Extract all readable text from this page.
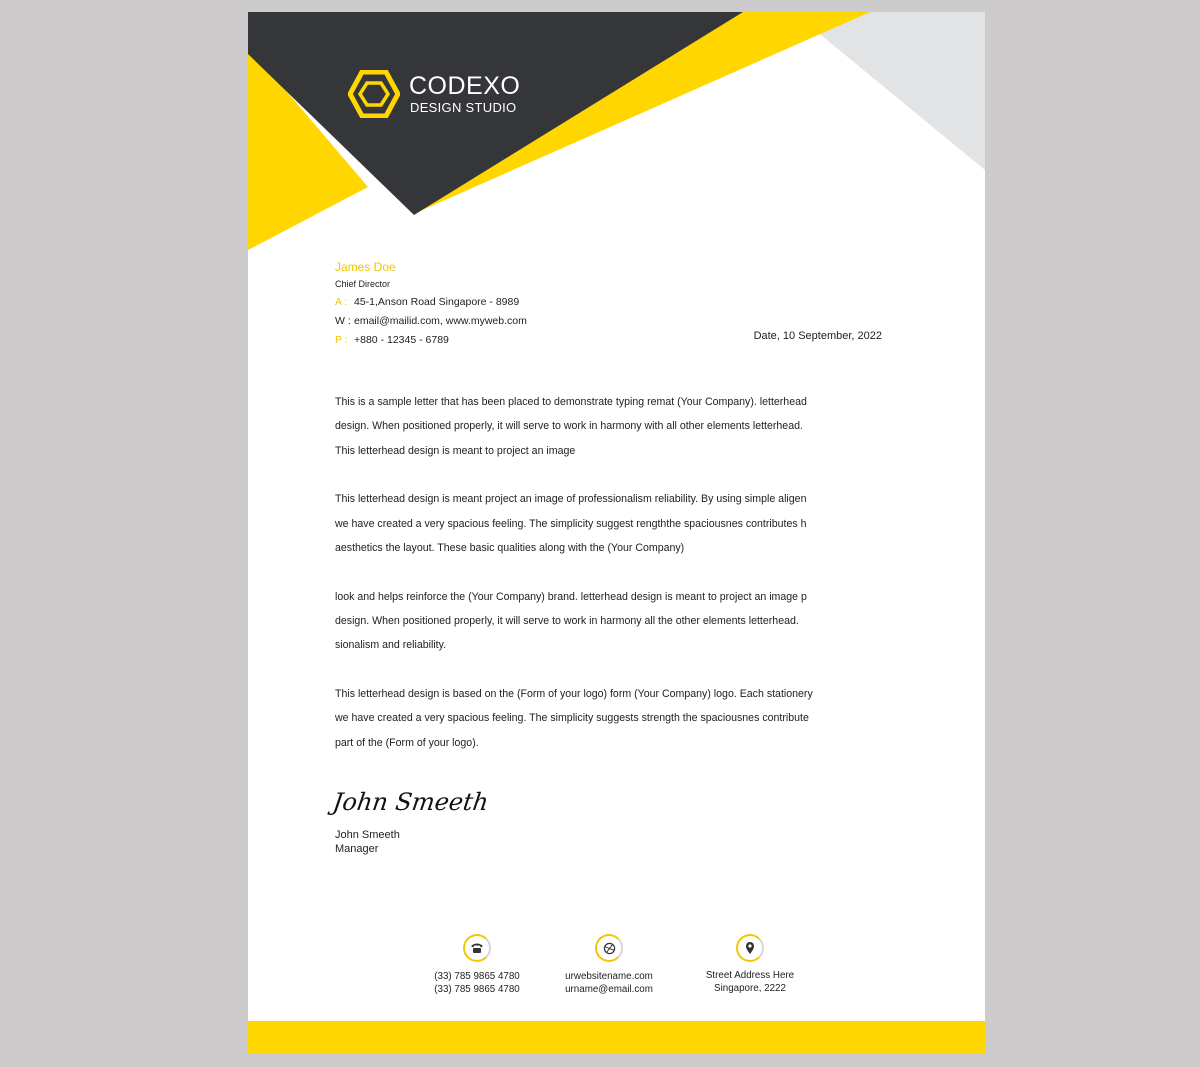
CODEXO
DESIGN STUDIO
James Doe
Chief Director
A : 45-1,Anson Road Singapore - 8989
W : email@mailid.com, www.myweb.com
P : +880 - 12345 - 6789	Date, 10 September, 2022

This is a sample letter that has been placed to demonstrate typing remat (Your Company). letterhead
design. When positioned properly, it will serve to work in harmony with all other elements letterhead.
This letterhead design is meant to project an image

This letterhead design is meant project an image of professionalism reliability. By using simple aligen
we have created a very spacious feeling. The simplicity suggest rengththe spaciousnes contributes h
aesthetics the layout. These basic qualities along with the (Your Company)

look and helps reinforce the (Your Company) brand. letterhead design is meant to project an image p
design. When positioned properly, it will serve to work in harmony all the other elements letterhead.
sionalism and reliability.

This letterhead design is based on the (Form of your logo) form (Your Company) logo. Each stationery
we have created a very spacious feeling. The simplicity suggests strength the spaciousnes contribute
part of the (Form of your logo).

John Smeeth
John Smeeth
Manager
(33) 785 9865 4780
(33) 785 9865 4780
urwebsitename.com
urname@email.com
Street Address Here
Singapore, 2222
